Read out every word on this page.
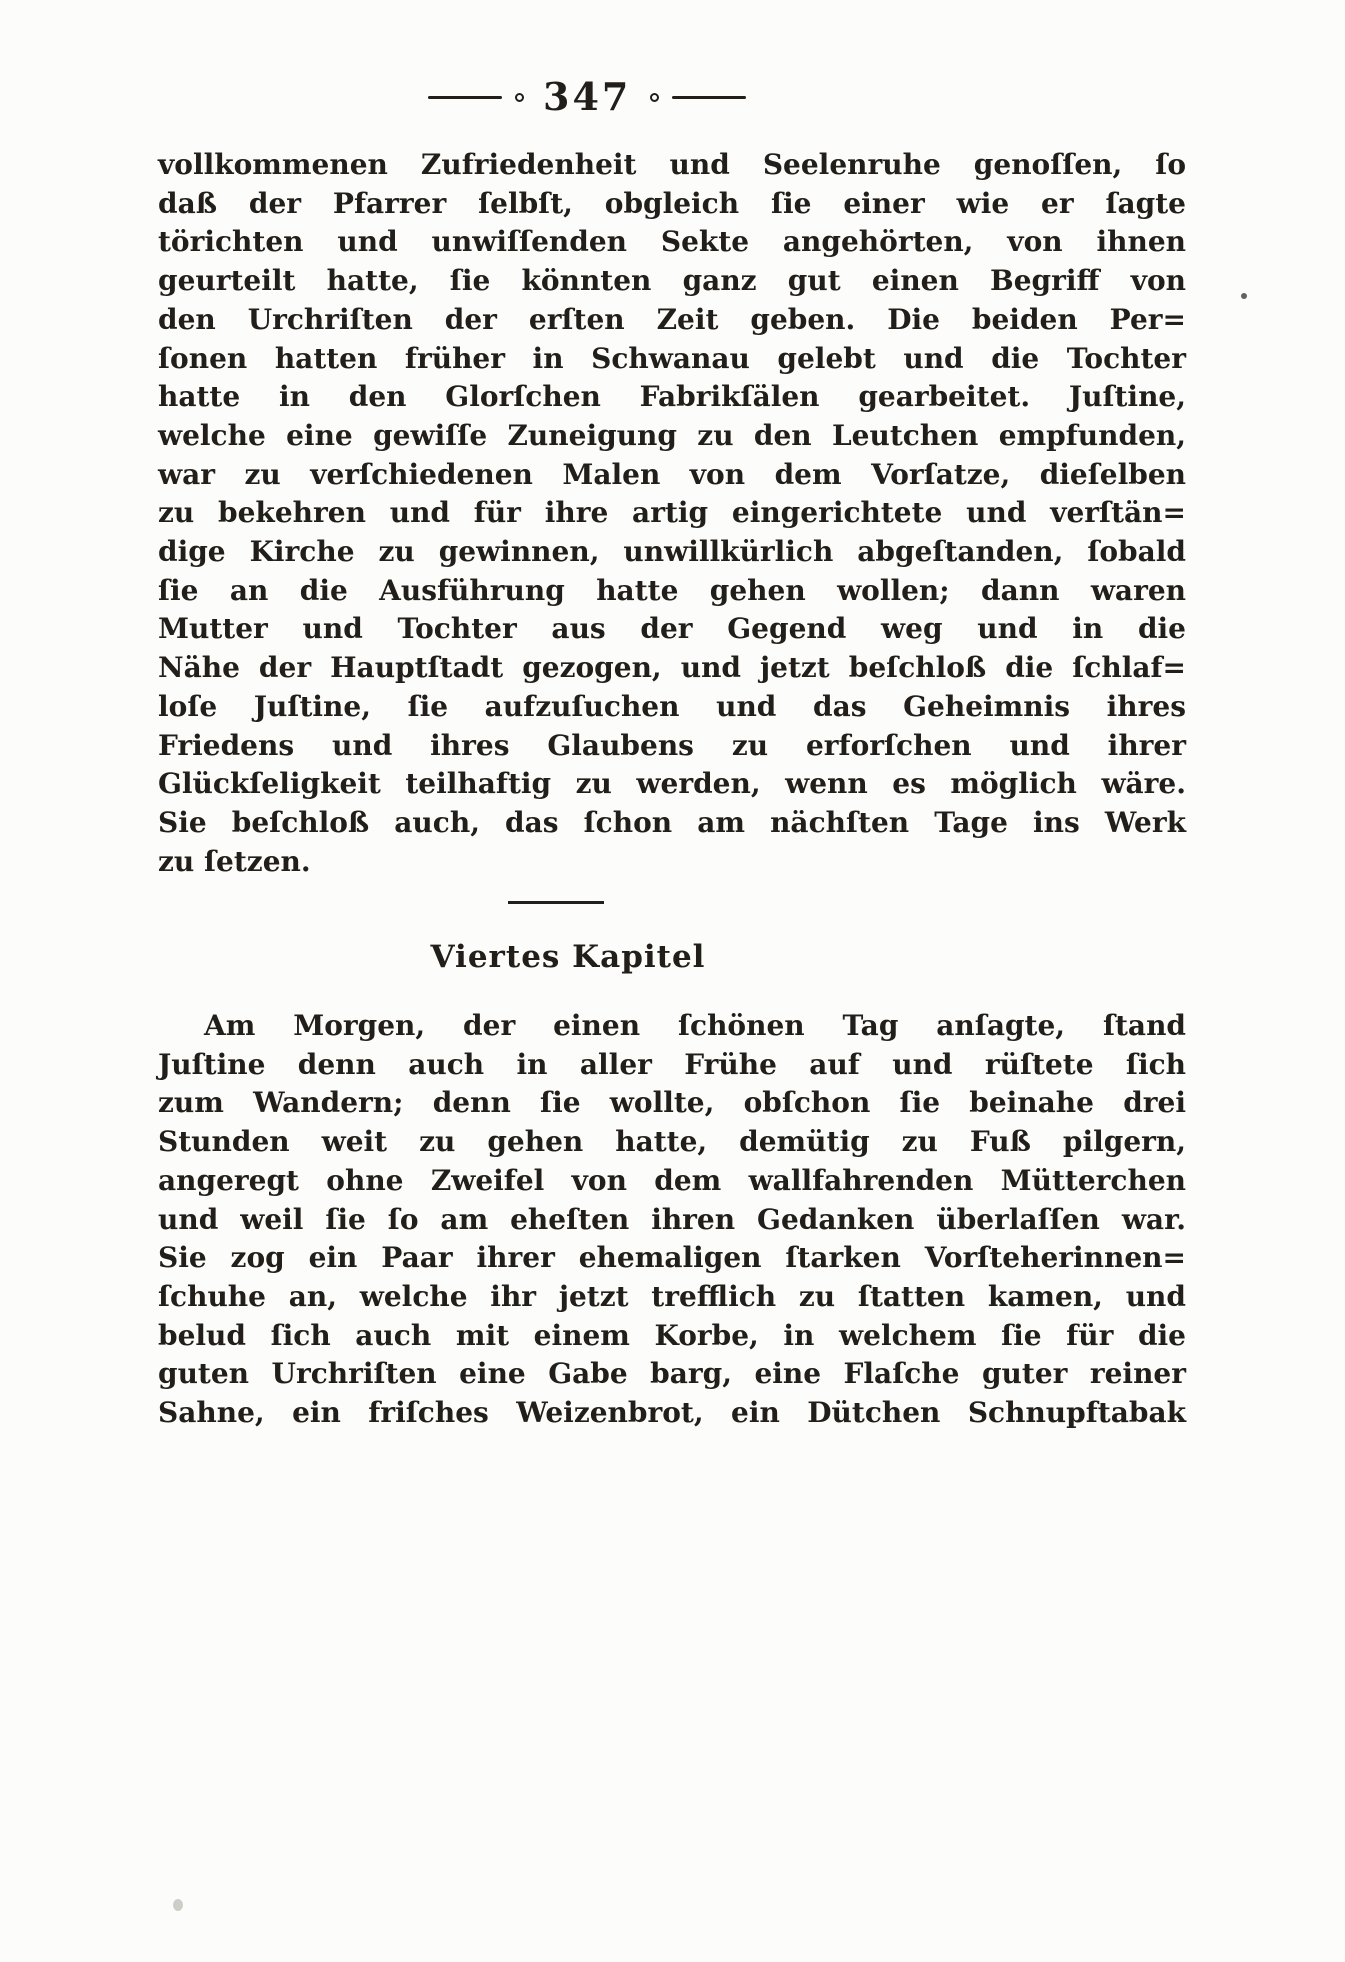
347
vollkommenen Zufriedenheit und Seelenruhe genoſſen, ſo
daß der Pfarrer ſelbſt, obgleich ſie einer wie er ſagte
törichten und unwiſſenden Sekte angehörten, von ihnen
geurteilt hatte, ſie könnten ganz gut einen Begriff von
den Urchriſten der erſten Zeit geben. Die beiden Per=
ſonen hatten früher in Schwanau gelebt und die Tochter
hatte in den Glorſchen Fabrikſälen gearbeitet. Juſtine,
welche eine gewiſſe Zuneigung zu den Leutchen empfunden,
war zu verſchiedenen Malen von dem Vorſatze, dieſelben
zu bekehren und für ihre artig eingerichtete und verſtän=
dige Kirche zu gewinnen, unwillkürlich abgeſtanden, ſobald
ſie an die Ausführung hatte gehen wollen; dann waren
Mutter und Tochter aus der Gegend weg und in die
Nähe der Hauptſtadt gezogen, und jetzt beſchloß die ſchlaf=
loſe Juſtine, ſie aufzuſuchen und das Geheimnis ihres
Friedens und ihres Glaubens zu erforſchen und ihrer
Glückſeligkeit teilhaftig zu werden, wenn es möglich wäre.
Sie beſchloß auch, das ſchon am nächſten Tage ins Werk
zu ſetzen.
Viertes Kapitel
Am Morgen, der einen ſchönen Tag anſagte, ſtand
Juſtine denn auch in aller Frühe auf und rüſtete ſich
zum Wandern; denn ſie wollte, obſchon ſie beinahe drei
Stunden weit zu gehen hatte, demütig zu Fuß pilgern,
angeregt ohne Zweifel von dem wallfahrenden Mütterchen
und weil ſie ſo am eheſten ihren Gedanken überlaſſen war.
Sie zog ein Paar ihrer ehemaligen ſtarken Vorſteherinnen=
ſchuhe an, welche ihr jetzt trefflich zu ſtatten kamen, und
belud ſich auch mit einem Korbe, in welchem ſie für die
guten Urchriſten eine Gabe barg, eine Flaſche guter reiner
Sahne, ein friſches Weizenbrot, ein Dütchen Schnupftabak
